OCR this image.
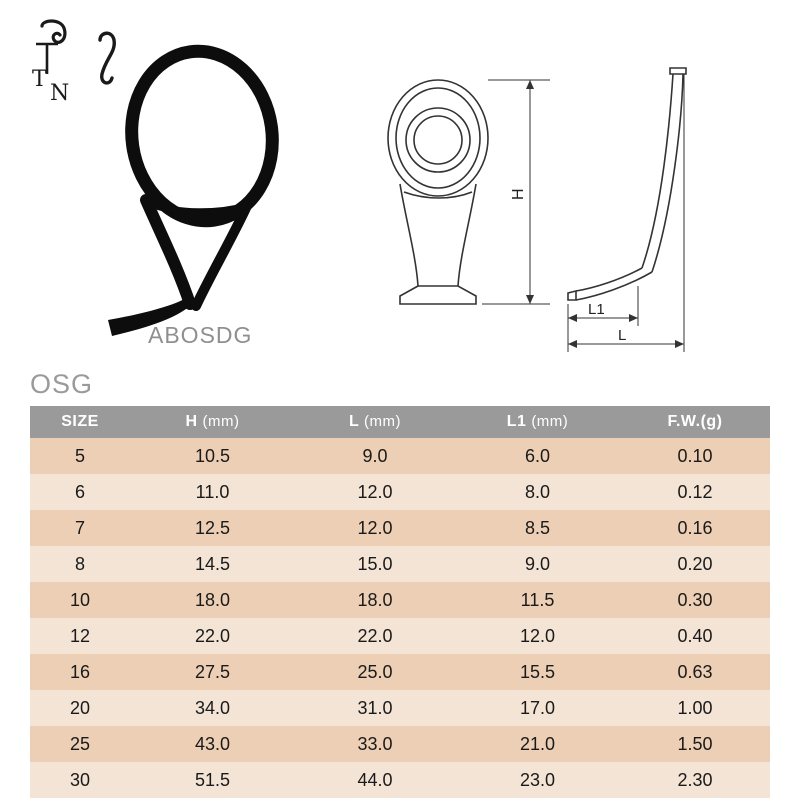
T
N
ABOSDG
H
L1
L
OSG
SIZE	H (mm)	L (mm)	L1 (mm)	F.W.(g)
5	10.5	9.0	6.0	0.10
6	11.0	12.0	8.0	0.12
7	12.5	12.0	8.5	0.16
8	14.5	15.0	9.0	0.20
10	18.0	18.0	11.5	0.30
12	22.0	22.0	12.0	0.40
16	27.5	25.0	15.5	0.63
20	34.0	31.0	17.0	1.00
25	43.0	33.0	21.0	1.50
30	51.5	44.0	23.0	2.30
